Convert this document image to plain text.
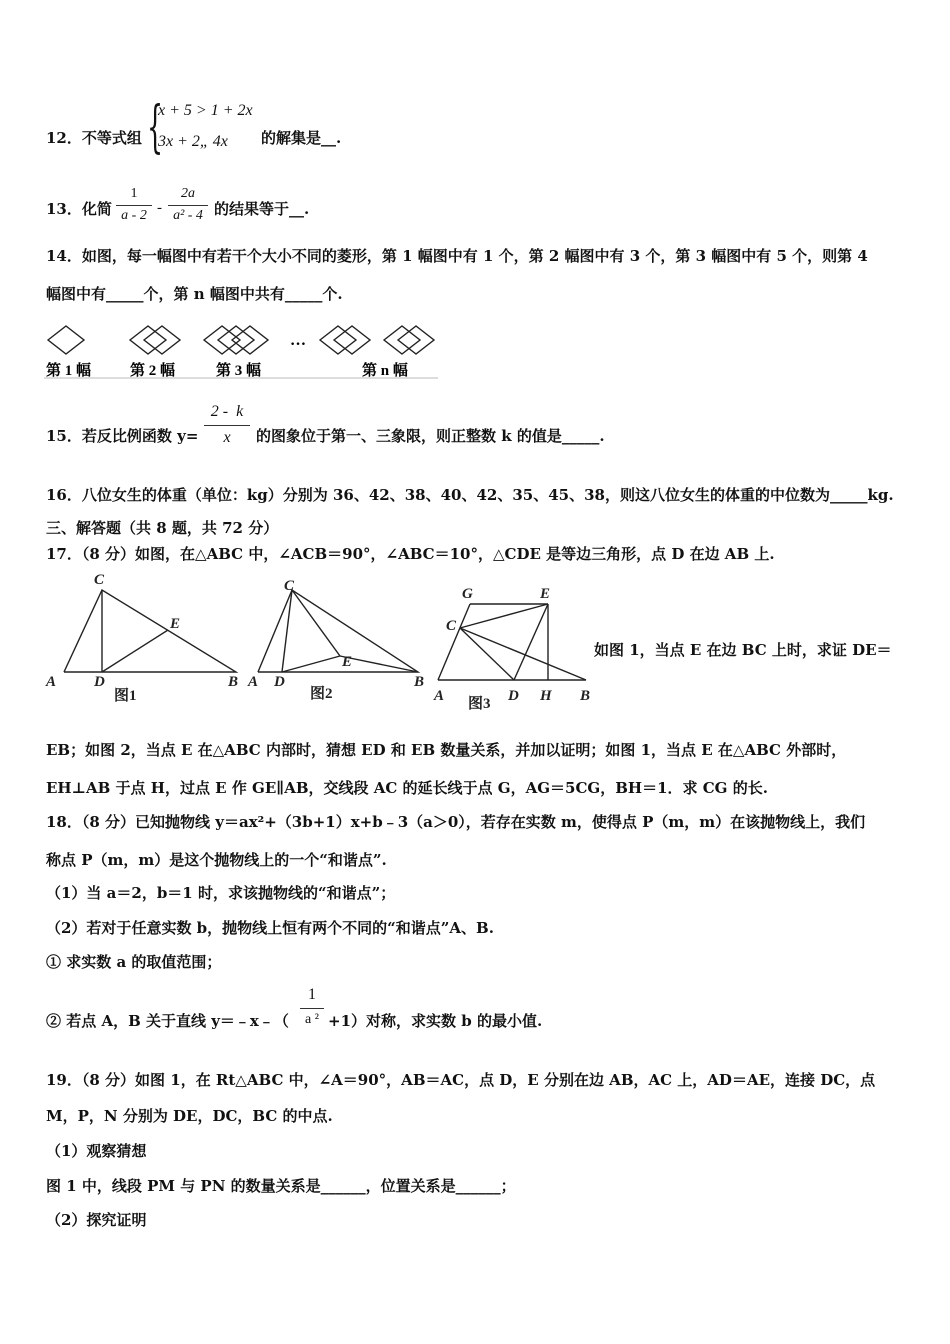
12．不等式组 {
x + 5 > 1 + 2x
3x + 2„ 4x 的解集是__.
13．化简
1
a - 2 -
2a
a² - 4 的结果等于__.
14．如图，每一幅图中有若干个大小不同的菱形，第 1 幅图中有 1 个，第 2 幅图中有 3 个，第 3 幅图中有 5 个，则第 4
幅图中有_____个，第 n 幅图中共有_____个.
…
第 1 幅	第 2 幅	第 3 幅	第 n 幅
15．若反比例函数 y=
2 -  k
x	的图象位于第一、三象限，则正整数 k 的值是_____.
16．八位女生的体重（单位：kg）分别为 36、42、38、40、42、35、45、38，则这八位女生的体重的中位数为_____kg.
三、解答题（共 8 题，共 72 分）
17．（8 分）如图，在△ABC 中，∠ACB＝90°，∠ABC＝10°，△CDE 是等边三角形，点 D 在边 AB 上.
C
A	D	B
E
C
A D	B
E
G	E
C
A	D H B
图1	图2
图3
如图 1，当点 E 在边 BC 上时，求证 DE＝
EB；如图 2，当点 E 在△ABC 内部时，猜想 ED 和 EB 数量关系，并加以证明；如图 1，当点 E 在△ABC 外部时，
EH⊥AB 于点 H，过点 E 作 GE∥AB，交线段 AC 的延长线于点 G，AG＝5CG，BH＝1．求 CG 的长.
18．（8 分）已知抛物线 y＝ax²+（3b+1）x+b﹣3（a＞0），若存在实数 m，使得点 P（m，m）在该抛物线上，我们
称点 P（m，m）是这个抛物线上的一个“和谐点”.
（1）当 a＝2，b＝1 时，求该抛物线的“和谐点”；
（2）若对于任意实数 b，抛物线上恒有两个不同的“和谐点”A、B.
① 求实数 a 的取值范围；
② 若点 A，B 关于直线 y＝﹣x﹣（
1
a ² +1）对称，求实数 b 的最小值.
19．（8 分）如图 1，在 Rt△ABC 中，∠A＝90°，AB＝AC，点 D，E 分别在边 AB，AC 上，AD＝AE，连接 DC，点
M，P，N 分别为 DE，DC，BC 的中点.
（1）观察猜想
图 1 中，线段 PM 与 PN 的数量关系是______，位置关系是______；
（2）探究证明
